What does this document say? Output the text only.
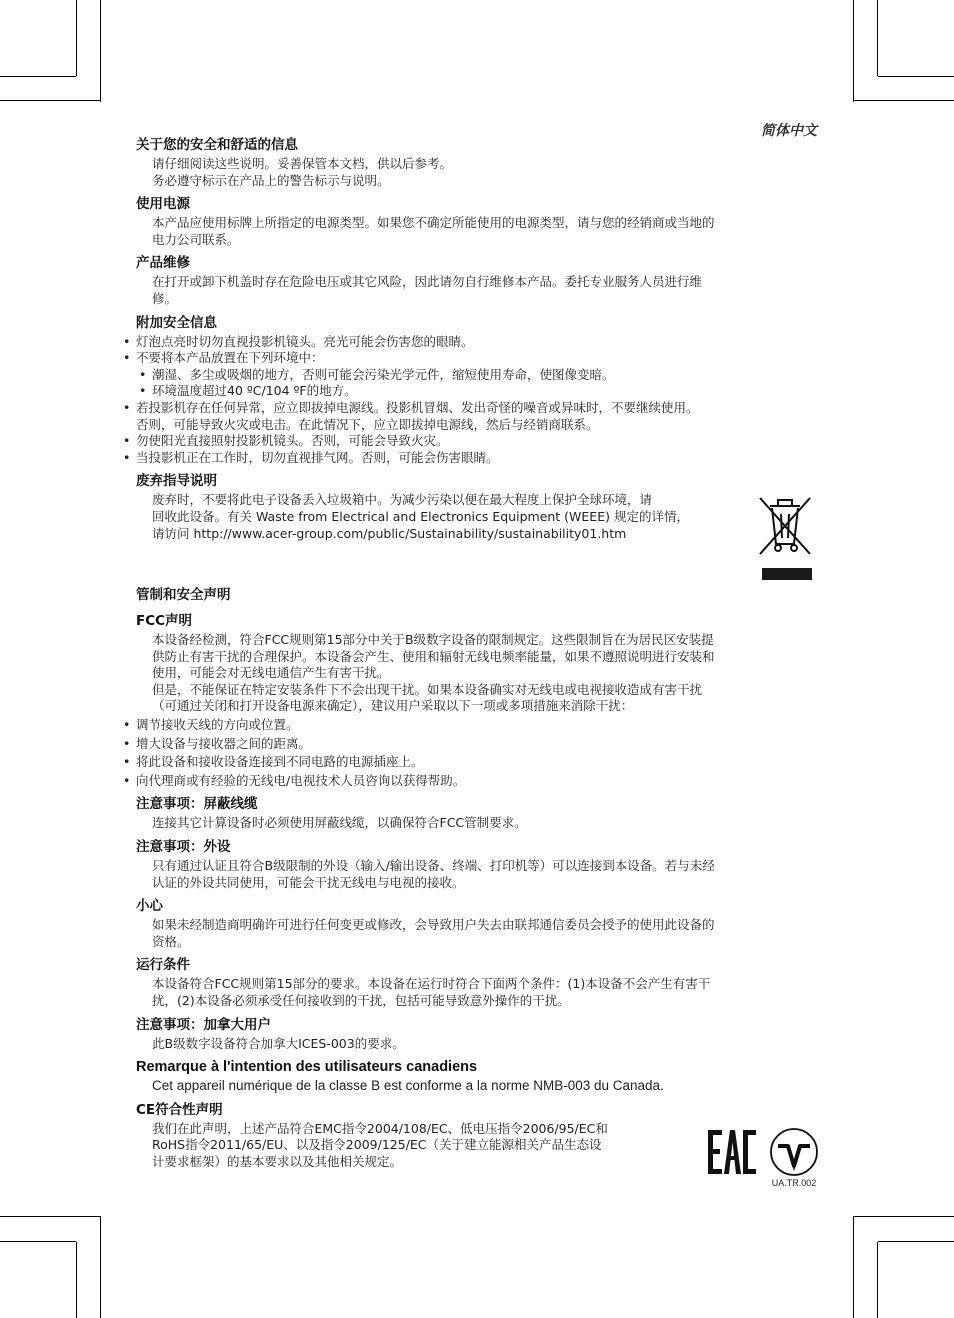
简体中文
关于您的安全和舒适的信息
请仔细阅读这些说明。妥善保管本文档，供以后参考。
务必遵守标示在产品上的警告标示与说明。
使用电源
本产品应使用标牌上所指定的电源类型。如果您不确定所能使用的电源类型，请与您的经销商或当地的
电力公司联系。
产品维修
在打开或卸下机盖时存在危险电压或其它风险，因此请勿自行维修本产品。委托专业服务人员进行维
修。
附加安全信息
• 灯泡点亮时切勿直视投影机镜头。亮光可能会伤害您的眼睛。
• 不要将本产品放置在下列环境中：
• 潮湿、多尘或吸烟的地方，否则可能会污染光学元件，缩短使用寿命，使图像变暗。
• 环境温度超过40 ºC/104 ºF的地方。
• 若投影机存在任何异常，应立即拔掉电源线。投影机冒烟、发出奇怪的噪音或异味时，不要继续使用。
否则，可能导致火灾或电击。在此情况下，应立即拔掉电源线，然后与经销商联系。
• 勿使阳光直接照射投影机镜头。否则，可能会导致火灾。
• 当投影机正在工作时，切勿直视排气网。否则，可能会伤害眼睛。
废弃指导说明
废弃时，不要将此电子设备丢入垃圾箱中。为减少污染以便在最大程度上保护全球环境，请
回收此设备。有关 Waste from Electrical and Electronics Equipment (WEEE) 规定的详情，
请访问 http://www.acer-group.com/public/Sustainability/sustainability01.htm
管制和安全声明
FCC声明
本设备经检测，符合FCC规则第15部分中关于B级数字设备的限制规定。这些限制旨在为居民区安装提
供防止有害干扰的合理保护。本设备会产生、使用和辐射无线电频率能量，如果不遵照说明进行安装和
使用，可能会对无线电通信产生有害干扰。
但是，不能保证在特定安装条件下不会出现干扰。如果本设备确实对无线电或电视接收造成有害干扰
（可通过关闭和打开设备电源来确定），建议用户采取以下一项或多项措施来消除干扰：
• 调节接收天线的方向或位置。
• 增大设备与接收器之间的距离。
• 将此设备和接收设备连接到不同电路的电源插座上。
• 向代理商或有经验的无线电/电视技术人员咨询以获得帮助。
注意事项：屏蔽线缆
连接其它计算设备时必须使用屏蔽线缆，以确保符合FCC管制要求。
注意事项：外设
只有通过认证且符合B级限制的外设（输入/输出设备、终端、打印机等）可以连接到本设备。若与未经
认证的外设共同使用，可能会干扰无线电与电视的接收。
小心
如果未经制造商明确许可进行任何变更或修改，会导致用户失去由联邦通信委员会授予的使用此设备的
资格。
运行条件
本设备符合FCC规则第15部分的要求。本设备在运行时符合下面两个条件：(1)本设备不会产生有害干
扰，(2)本设备必须承受任何接收到的干扰，包括可能导致意外操作的干扰。
注意事项：加拿大用户
此B级数字设备符合加拿大ICES-003的要求。
Remarque à l'intention des utilisateurs canadiens
Cet appareil numérique de la classe B est conforme a la norme NMB-003 du Canada.
CE符合性声明
我们在此声明，上述产品符合EMC指令2004/108/EC、低电压指令2006/95/EC和
RoHS指令2011/65/EU、以及指令2009/125/EC（关于建立能源相关产品生态设
计要求框架）的基本要求以及其他相关规定。
UA.TR.002
